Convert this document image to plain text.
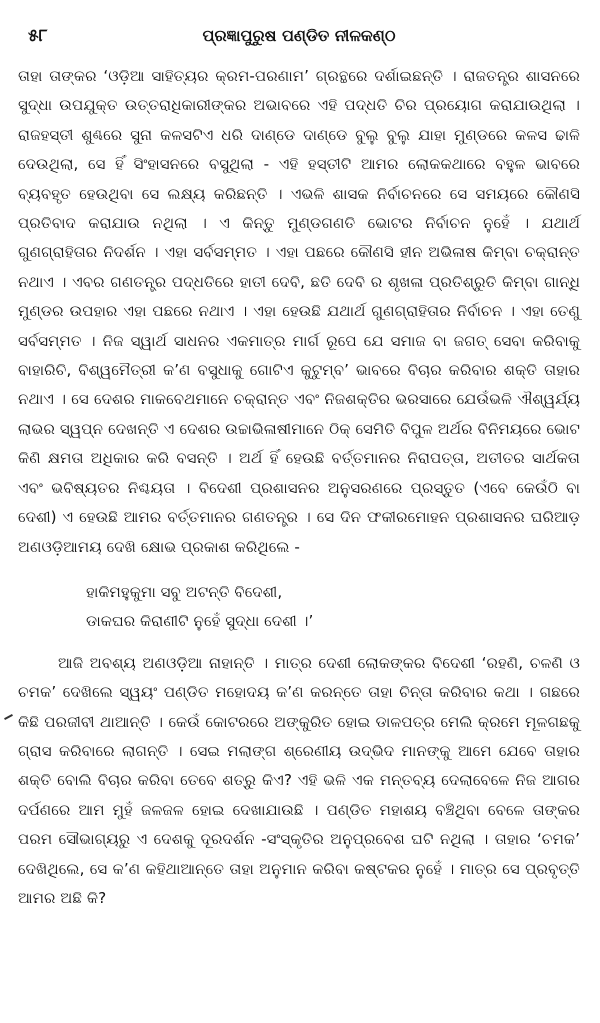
୫୮	ପ୍ରଜ୍ଞାପୁରୁଷ ପଣ୍ଡିତ ନୀଳକଣ୍ଠ

ତାହା ତାଙ୍କର ‘ଓଡ଼ିଆ ସାହିତ୍ୟର କ୍ରମ-ପରଣାମ’ ଗ୍ରନ୍ଥରେ ଦର୍ଶାଇଛନ୍ତି । ରାଜତନ୍ତ୍ର ଶାସନରେ ସୁଦ୍ଧା ଉପଯୁକ୍ତ ଉତ୍ତରାଧିକାରୀଙ୍କର ଅଭାବରେ ଏହି ପଦ୍ଧତି ଚିର ପ୍ରୟୋଗ କରାଯାଉଥିଲା । ରାଜହସ୍ତୀ ଶୁଣ୍ଢରେ ସୁନା କଳସଟିଏ ଧରି ଦାଣ୍ଡେ ଦାଣ୍ଡେ ବୁଲୁ ବୁଲୁ ଯାହା ମୁଣ୍ଡରେ କଳସ ଢାଳି ଦେଉଥିଲା, ସେ ହିଁ ସିଂହାସନରେ ବସୁଥିଲା - ଏହି ହସ୍ତୀଟି ଆମର ଲୋକକଥାରେ ବହୁଳ ଭାବରେ ବ୍ୟବହୃତ ହେଉଥିବା ସେ ଲକ୍ଷ୍ୟ କରିଛନ୍ତି । ଏଭଳି ଶାସକ ନିର୍ବାଚନରେ ସେ ସମୟରେ କୌଣସି ପ୍ରତିବାଦ କରାଯାଉ ନଥିଲା । ଏ କିନ୍ତୁ ମୁଣ୍ଡଗଣତି ଭୋଟର ନିର୍ବାଚନ ନୁହେଁ । ଯଥାର୍ଥ ଗୁଣଗ୍ରାହିତାର ନିଦର୍ଶନ । ଏହା ସର୍ବସମ୍ମତ । ଏହା ପଛରେ କୌଣସି ହୀନ ଅଭିଳାଷ କିମ୍ବା ଚକ୍ରାନ୍ତ ନଥାଏ । ଏବର ଗଣତନ୍ତ୍ର ପଦ୍ଧତିରେ ହାତୀ ଦେବି, ଛତି ଦେବି ର ଶୃଖଳା ପ୍ରତିଶ୍ରୁତି କିମ୍ବା ଗାନ୍ଧି ମୁଣ୍ଡର ଉପହାର ଏହା ପଛରେ ନଥାଏ । ଏହା ହେଉଛି ଯଥାର୍ଥ ଗୁଣଗ୍ରାହିତାର ନିର୍ବାଚନ । ଏହା ତେଣୁ ସର୍ବସମ୍ମତ । ନିଜ ସ୍ୱାର୍ଥ ସାଧନର ଏକମାତ୍ର ମାର୍ଗ ରୂପେ ଯେ ସମାଜ ବା ଜଗତ୍ ସେବା କରିବାକୁ ବାହାରିଚି, ବିଶ୍ୱମୈତ୍ରୀ କ’ଣ ବସୁଧାକୁ ଗୋଟିଏ କୁଟୁମ୍ବ’ ଭାବରେ ବିଚାର କରିବାର ଶକ୍ତି ତାହାର ନଥାଏ । ସେ ଦେଶର ମାକବେଥମାନେ ଚକ୍ରାନ୍ତ ଏବଂ ନିଜଶକ୍ତିର ଭରସାରେ ଯେଉଁଭଳି ଐଶ୍ୱର୍ଯ୍ୟ ଲାଭର ସ୍ୱପ୍ନ ଦେଖନ୍ତି ଏ ଦେଶର ଉଚ୍ଚାଭିଳାଷୀମାନେ ଠିକ୍ ସେମିତି ବିପୁଳ ଅର୍ଥର ବିନିମୟରେ ଭୋଟ କିଣି କ୍ଷମତା ଅଧିକାର କରି ବସନ୍ତି । ଅର୍ଥ ହିଁ ହେଉଛି ବର୍ତ୍ତମାନର ନିରାପତ୍ତା, ଅତୀତର ସାର୍ଥକତା ଏବଂ ଭବିଷ୍ୟତର ନିଶ୍ଚୟତା । ବିଦେଶୀ ପ୍ରଶାସନର ଅନୁସରଣରେ ପ୍ରସ୍ତୁତ (ଏବେ କେଉଁଠି ବା ଦେଶୀ) ଏ ହେଉଛି ଆମର ବର୍ତ୍ତମାନର ଗଣତନ୍ତ୍ର । ସେ ଦିନ ଫକୀରମୋହନ ପ୍ରଶାସନର ଘରିଆଡ଼ ଅଣଓଡ଼ିଆମୟ ଦେଖି କ୍ଷୋଭ ପ୍ରକାଶ କରିଥିଲେ -

ହାକିମହୁକୁମା ସବୁ ଅଟନ୍ତି ବିଦେଶୀ,
ଡାକଘର କିରାଣୀଟି ନୁହେଁ ସୁଦ୍ଧା ଦେଶୀ ।’

ଆଜି ଅବଶ୍ୟ ଅଣଓଡ଼ିଆ ନାହାନ୍ତି । ମାତ୍ର ଦେଶୀ ଲୋକଙ୍କର ବିଦେଶୀ ‘ରହଣି, ଚଳଣି ଓ ଚମକ’ ଦେଖିଲେ ସ୍ୱୟଂ ପଣ୍ଡିତ ମହୋଦୟ କ’ଣ କରନ୍ତେ ତାହା ଚିନ୍ତା କରିବାର କଥା । ଗଛରେ କିଛି ପରଜୀବୀ ଥାଆନ୍ତି । କେଉଁ କୋଟରରେ ଅଙ୍କୁରିତ ହୋଇ ଡାଳପତ୍ର ମେଲି କ୍ରମେ ମୂଳଗଛକୁ ଗ୍ରାସ କରିବାରେ ଲାଗନ୍ତି । ସେଇ ମଲାଙ୍ଗ ଶ୍ରେଣୀୟ ଉଦ୍ଭିଦ ମାନଙ୍କୁ ଆମେ ଯେବେ ତାହାର ଶକ୍ତି ବୋଲି ବିଚାର କରିବା ତେବେ ଶତ୍ରୁ କିଏ? ଏହି ଭଳି ଏକ ମନ୍ତବ୍ୟ ଦେଲାବେଳେ ନିଜ ଆଗର ଦର୍ପଣରେ ଆମ ମୁହଁ ଜଳଜଳ ହୋଇ ଦେଖାଯାଉଛି । ପଣ୍ଡିତ ମହାଶୟ ବଞ୍ଚିଥିବା ବେଳେ ତାଙ୍କର ପରମ ସୌଭାଗ୍ୟରୁ ଏ ଦେଶକୁ ଦୂରଦର୍ଶନ -ସଂସ୍କୃତିର ଅନୁପ୍ରବେଶ ଘଟି ନଥିଲା । ତାହାର ‘ଚମକ’ ଦେଖିଥିଲେ, ସେ କ’ଣ କହିଥାଆନ୍ତେ ତାହା ଅନୁମାନ କରିବା କଷ୍ଟକର ନୁହେଁ । ମାତ୍ର ସେ ପ୍ରବୃତ୍ତି ଆମର ଅଛି କି?
